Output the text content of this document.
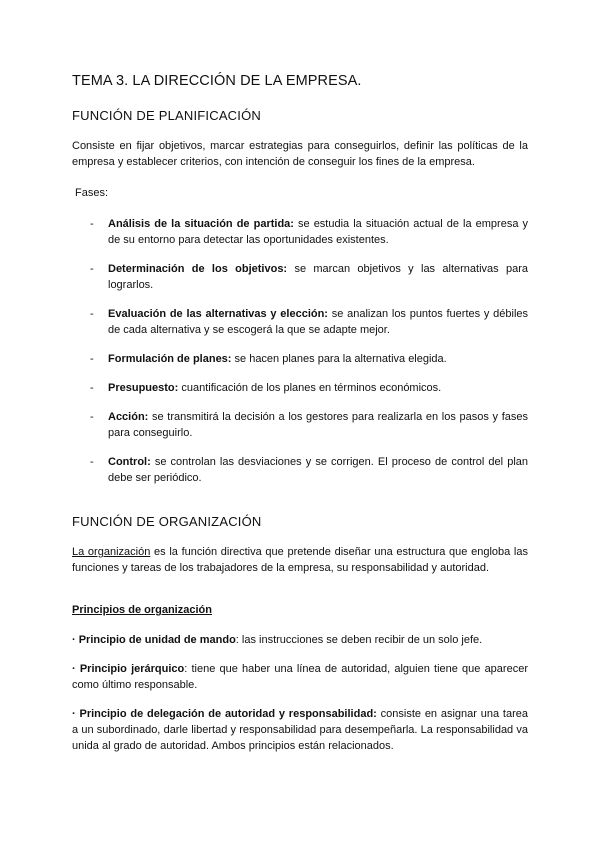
TEMA 3. LA DIRECCIÓN DE LA EMPRESA.
FUNCIÓN DE PLANIFICACIÓN

Consiste en fijar objetivos, marcar estrategias para conseguirlos, definir las políticas de la empresa y establecer criterios, con intención de conseguir los fines de la empresa.

Fases:

- Análisis de la situación de partida: se estudia la situación actual de la empresa y de su entorno para detectar las oportunidades existentes.
- Determinación de los objetivos: se marcan objetivos y las alternativas para lograrlos.
- Evaluación de las alternativas y elección: se analizan los puntos fuertes y débiles de cada alternativa y se escogerá la que se adapte mejor.
- Formulación de planes: se hacen planes para la alternativa elegida.
- Presupuesto: cuantificación de los planes en términos económicos.
- Acción: se transmitirá la decisión a los gestores para realizarla en los pasos y fases para conseguirlo.
- Control: se controlan las desviaciones y se corrigen. El proceso de control del plan debe ser periódico.
FUNCIÓN DE ORGANIZACIÓN

La organización es la función directiva que pretende diseñar una estructura que engloba las funciones y tareas de los trabajadores de la empresa, su responsabilidad y autoridad.

Principios de organización

· Principio de unidad de mando: las instrucciones se deben recibir de un solo jefe.

· Principio jerárquico: tiene que haber una línea de autoridad, alguien tiene que aparecer como último responsable.

· Principio de delegación de autoridad y responsabilidad: consiste en asignar una tarea a un subordinado, darle libertad y responsabilidad para desempeñarla. La responsabilidad va unida al grado de autoridad. Ambos principios están relacionados.
